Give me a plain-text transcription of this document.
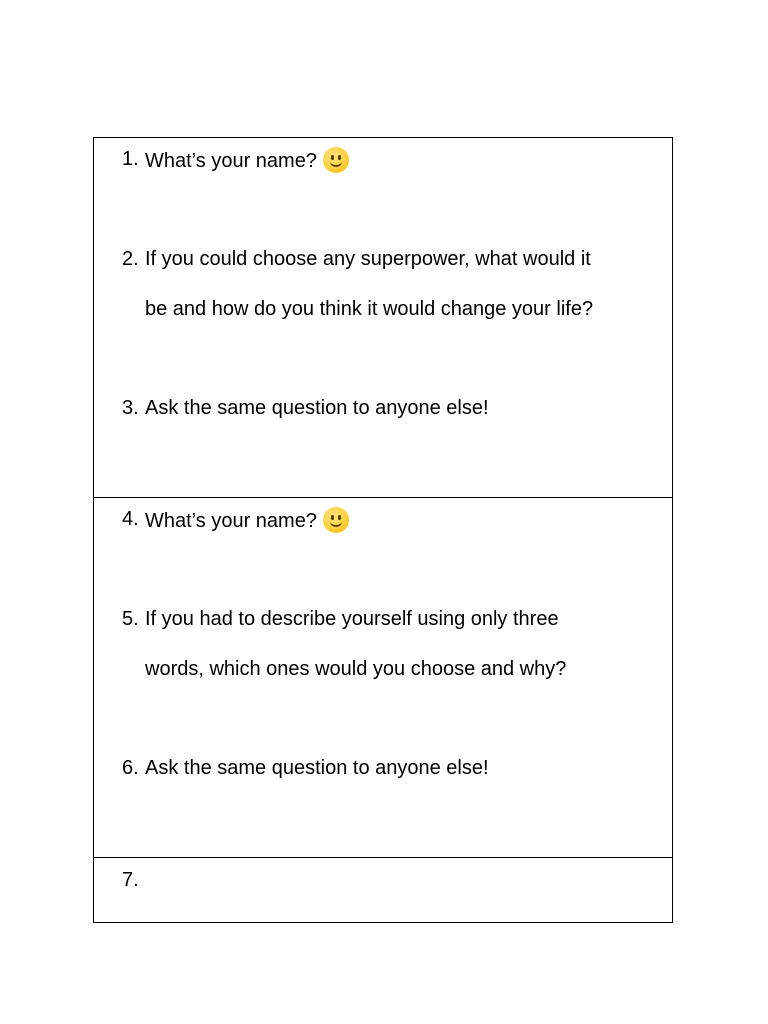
1. What’s your name?
2. If you could choose any superpower, what would it
be and how do you think it would change your life?
3. Ask the same question to anyone else!
4. What’s your name?
5. If you had to describe yourself using only three
words, which ones would you choose and why?
6. Ask the same question to anyone else!
7.
